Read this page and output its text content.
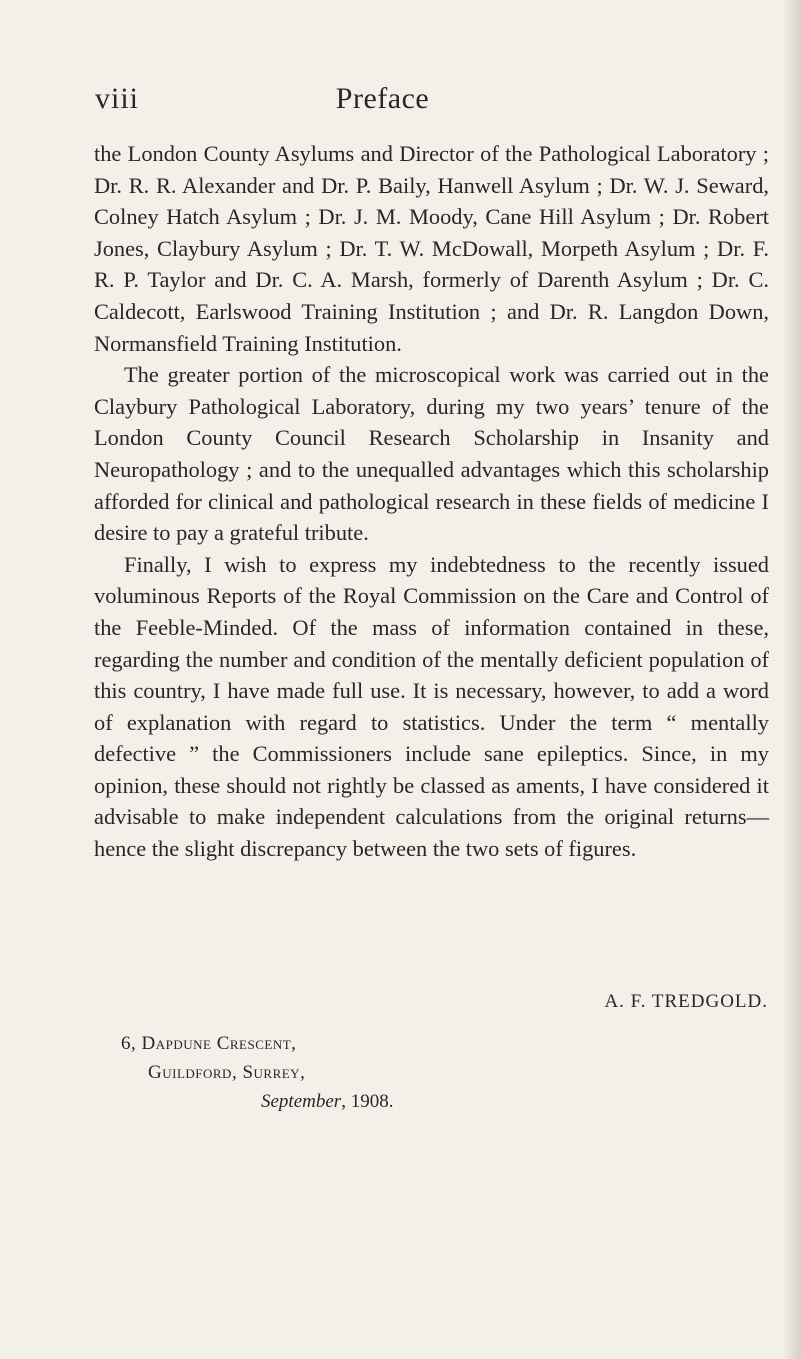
viii	Preface

the London County Asylums and Director of the Pathological Laboratory ; Dr. R. R. Alexander and Dr. P. Baily, Hanwell Asylum ; Dr. W. J. Seward, Colney Hatch Asylum ; Dr. J. M. Moody, Cane Hill Asylum ; Dr. Robert Jones, Claybury Asylum ; Dr. T. W. McDowall, Morpeth Asylum ; Dr. F. R. P. Taylor and Dr. C. A. Marsh, formerly of Darenth Asylum ; Dr. C. Caldecott, Earlswood Training Institution ; and Dr. R. Langdon Down, Normansfield Training Institution.

The greater portion of the microscopical work was carried out in the Claybury Pathological Laboratory, during my two years’ tenure of the London County Council Research Scholarship in Insanity and Neuropathology ; and to the unequalled advantages which this scholarship afforded for clinical and pathological research in these fields of medicine I desire to pay a grateful tribute.

Finally, I wish to express my indebtedness to the recently issued voluminous Reports of the Royal Commission on the Care and Control of the Feeble-Minded. Of the mass of information contained in these, regarding the number and condition of the mentally deficient population of this country, I have made full use. It is necessary, however, to add a word of explanation with regard to statistics. Under the term “ mentally defective ” the Commissioners include sane epileptics. Since, in my opinion, these should not rightly be classed as aments, I have considered it advisable to make independent calculations from the original returns—hence the slight discrepancy between the two sets of figures.

A. F. TREDGOLD.
6, Dapdune Crescent,
Guildford, Surrey,
September, 1908.
